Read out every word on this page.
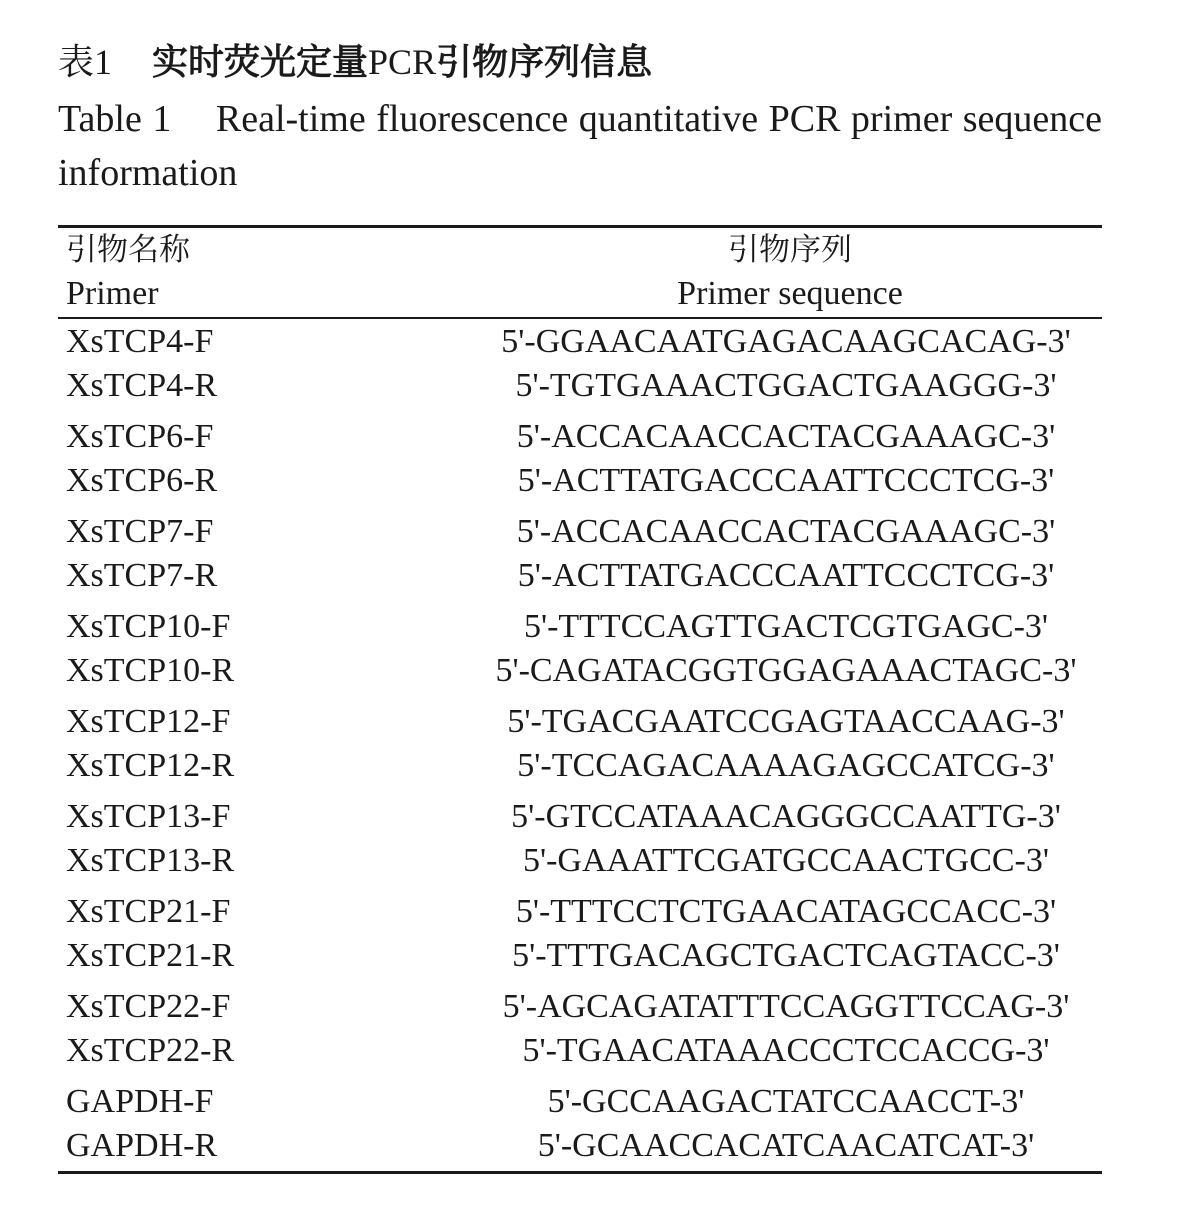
表1 实时荧光定量PCR引物序列信息
Table 1 Real-time fluorescence quantitative PCR primer sequence information
引物名称
Primer
引物序列
Primer sequence
XsTCP4-F	5'-GGAACAATGAGACAAGCACAG-3'
XsTCP4-R	5'-TGTGAAACTGGACTGAAGGG-3'
XsTCP6-F	5'-ACCACAACCACTACGAAAGC-3'
XsTCP6-R	5'-ACTTATGACCCAATTCCCTCG-3'
XsTCP7-F	5'-ACCACAACCACTACGAAAGC-3'
XsTCP7-R	5'-ACTTATGACCCAATTCCCTCG-3'
XsTCP10-F	5'-TTTCCAGTTGACTCGTGAGC-3'
XsTCP10-R	5'-CAGATACGGTGGAGAAACTAGC-3'
XsTCP12-F	5'-TGACGAATCCGAGTAACCAAG-3'
XsTCP12-R	5'-TCCAGACAAAAGAGCCATCG-3'
XsTCP13-F	5'-GTCCATAAACAGGGCCAATTG-3'
XsTCP13-R	5'-GAAATTCGATGCCAACTGCC-3'
XsTCP21-F	5'-TTTCCTCTGAACATAGCCACC-3'
XsTCP21-R	5'-TTTGACAGCTGACTCAGTACC-3'
XsTCP22-F	5'-AGCAGATATTTCCAGGTTCCAG-3'
XsTCP22-R	5'-TGAACATAAACCCTCCACCG-3'
GAPDH-F	5'-GCCAAGACTATCCAACCT-3'
GAPDH-R	5'-GCAACCACATCAACATCAT-3'
